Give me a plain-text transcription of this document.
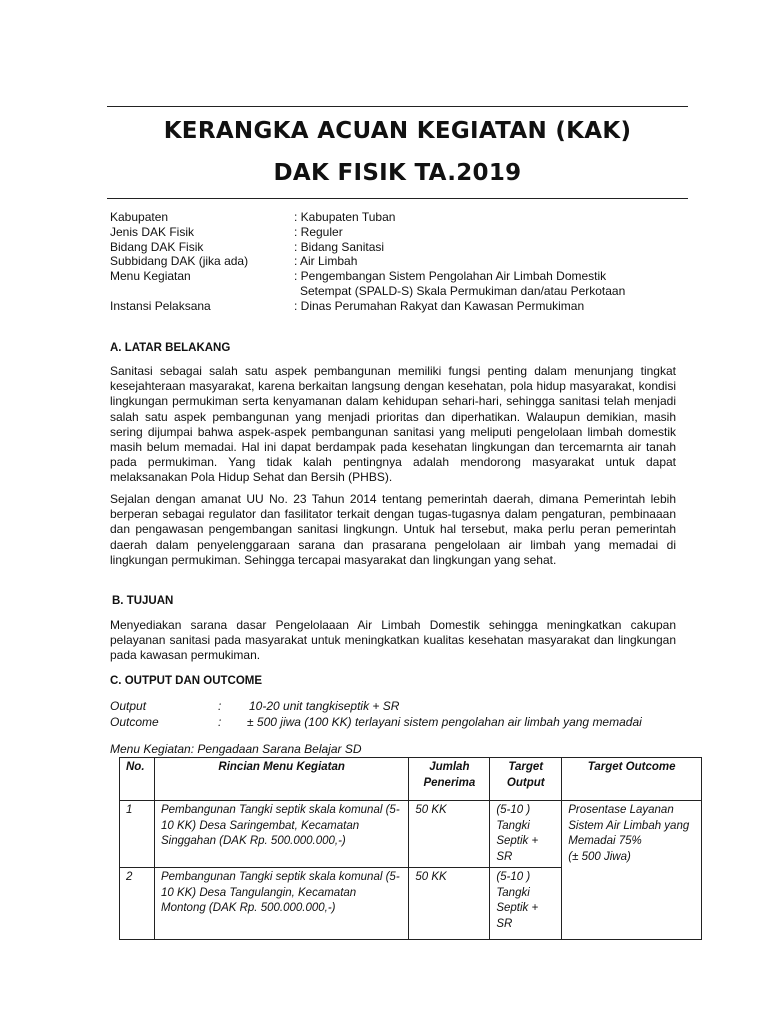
KERANGKA ACUAN KEGIATAN (KAK)
DAK FISIK TA.2019
Kabupaten	: Kabupaten Tuban
Jenis DAK Fisik	: Reguler
Bidang DAK Fisik	: Bidang Sanitasi
Subbidang DAK (jika ada)	: Air Limbah
Menu Kegiatan	: Pengembangan Sistem Pengolahan Air Limbah Domestik
Setempat (SPALD-S) Skala Permukiman dan/atau Perkotaan
Instansi Pelaksana	: Dinas Perumahan Rakyat dan Kawasan Permukiman
A. LATAR BELAKANG
Sanitasi sebagai salah satu aspek pembangunan memiliki fungsi penting dalam menunjang tingkat kesejahteraan masyarakat, karena berkaitan langsung dengan kesehatan, pola hidup masyarakat, kondisi lingkungan permukiman serta kenyamanan dalam kehidupan sehari-hari, sehingga sanitasi telah menjadi salah satu aspek pembangunan yang menjadi prioritas dan diperhatikan. Walaupun demikian, masih sering dijumpai bahwa aspek-aspek pembangunan sanitasi yang meliputi pengelolaan limbah domestik masih belum memadai. Hal ini dapat berdampak pada kesehatan lingkungan dan tercemarnta air tanah pada permukiman. Yang tidak kalah pentingnya adalah mendorong masyarakat untuk dapat melaksanakan Pola Hidup Sehat dan Bersih (PHBS).
Sejalan dengan amanat UU No. 23 Tahun 2014 tentang pemerintah daerah, dimana Pemerintah lebih berperan sebagai regulator dan fasilitator terkait dengan tugas-tugasnya dalam pengaturan, pembinaaan dan pengawasan pengembangan sanitasi lingkungn. Untuk hal tersebut, maka perlu peran pemerintah daerah dalam penyelenggaraan sarana dan prasarana pengelolaan air limbah yang memadai di lingkungan permukiman. Sehingga tercapai masyarakat dan lingkungan yang sehat.
B. TUJUAN
Menyediakan sarana dasar Pengelolaaan Air Limbah Domestik sehingga meningkatkan cakupan pelayanan sanitasi pada masyarakat untuk meningkatkan kualitas kesehatan masyarakat dan lingkungan pada kawasan permukiman.
C. OUTPUT DAN OUTCOME
Output	:	10-20 unit tangkiseptik + SR
Outcome	:	± 500 jiwa (100 KK) terlayani sistem pengolahan air limbah yang memadai
Menu Kegiatan: Pengadaan Sarana Belajar SD
No.	Rincian Menu Kegiatan	Jumlah Penerima	Target Output	Target Outcome
1	Pembangunan Tangki septik skala komunal (5-10 KK) Desa Saringembat, Kecamatan Singgahan (DAK Rp. 500.000.000,-)	50 KK	(5-10 ) Tangki Septik + SR	Prosentase Layanan Sistem Air Limbah yang Memadai 75%
(± 500 Jiwa)
2	Pembangunan Tangki septik skala komunal (5-10 KK) Desa Tangulangin, Kecamatan Montong (DAK Rp. 500.000.000,-)	50 KK	(5-10 ) Tangki Septik + SR	
